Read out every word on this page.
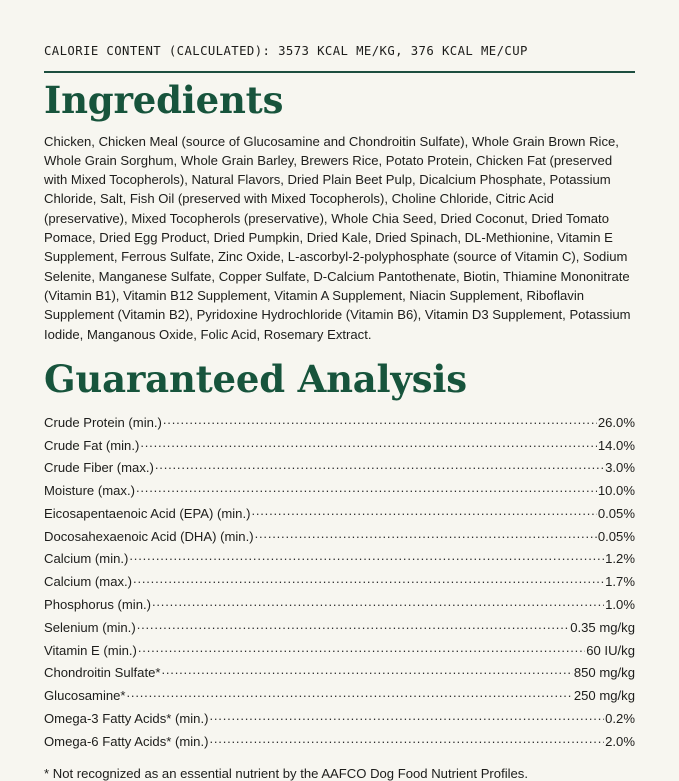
CALORIE CONTENT (CALCULATED): 3573 KCAL ME/KG, 376 KCAL ME/CUP
Ingredients
Chicken, Chicken Meal (source of Glucosamine and Chondroitin Sulfate), Whole Grain Brown Rice, Whole Grain Sorghum, Whole Grain Barley, Brewers Rice, Potato Protein, Chicken Fat (preserved with Mixed Tocopherols), Natural Flavors, Dried Plain Beet Pulp, Dicalcium Phosphate, Potassium Chloride, Salt, Fish Oil (preserved with Mixed Tocopherols), Choline Chloride, Citric Acid (preservative), Mixed Tocopherols (preservative), Whole Chia Seed, Dried Coconut, Dried Tomato Pomace, Dried Egg Product, Dried Pumpkin, Dried Kale, Dried Spinach, DL-Methionine, Vitamin E Supplement, Ferrous Sulfate, Zinc Oxide, L-ascorbyl-2-polyphosphate (source of Vitamin C), Sodium Selenite, Manganese Sulfate, Copper Sulfate, D-Calcium Pantothenate, Biotin, Thiamine Mononitrate (Vitamin B1), Vitamin B12 Supplement, Vitamin A Supplement, Niacin Supplement, Riboflavin Supplement (Vitamin B2), Pyridoxine Hydrochloride (Vitamin B6), Vitamin D3 Supplement, Potassium Iodide, Manganous Oxide, Folic Acid, Rosemary Extract.
Guaranteed Analysis
Crude Protein (min.) .....	26.0%
Crude Fat (min.) .....	14.0%
Crude Fiber (max.) .....	3.0%
Moisture (max.) .....	10.0%
Eicosapentaenoic Acid (EPA) (min.) .....	0.05%
Docosahexaenoic Acid (DHA) (min.) .....	0.05%
Calcium (min.) .....	1.2%
Calcium (max.) .....	1.7%
Phosphorus (min.) .....	1.0%
Selenium (min.) .....	0.35 mg/kg
Vitamin E (min.) .....	60 IU/kg
Chondroitin Sulfate* .....	850 mg/kg
Glucosamine* .....	250 mg/kg
Omega-3 Fatty Acids* (min.) .....	0.2%
Omega-6 Fatty Acids* (min.) .....	2.0%
* Not recognized as an essential nutrient by the AAFCO Dog Food Nutrient Profiles.
